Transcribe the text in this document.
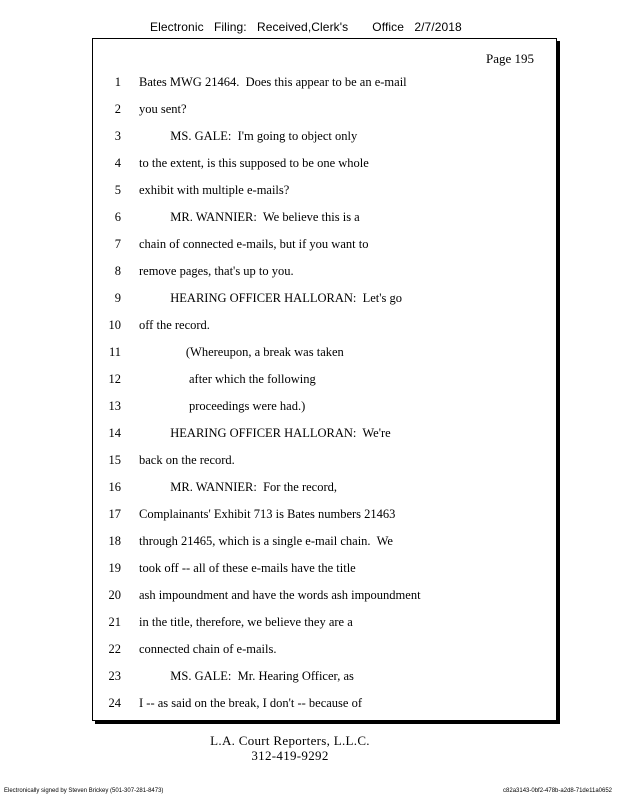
Electronic   Filing:   Received,Clerk's       Office   2/7/2018
Page 195
1 Bates MWG 21464.  Does this appear to be an e-mail
2 you sent?
3 MS. GALE:  I'm going to object only
4 to the extent, is this supposed to be one whole
5 exhibit with multiple e-mails?
6 MR. WANNIER:  We believe this is a
7 chain of connected e-mails, but if you want to
8 remove pages, that's up to you.
9 HEARING OFFICER HALLORAN:  Let's go
10 off the record.
11 (Whereupon, a break was taken
12 after which the following
13 proceedings were had.)
14 HEARING OFFICER HALLORAN:  We're
15 back on the record.
16 MR. WANNIER:  For the record,
17 Complainants' Exhibit 713 is Bates numbers 21463
18 through 21465, which is a single e-mail chain.  We
19 took off -- all of these e-mails have the title
20 ash impoundment and have the words ash impoundment
21 in the title, therefore, we believe they are a
22 connected chain of e-mails.
23 MS. GALE:  Mr. Hearing Officer, as
24 I -- as said on the break, I don't -- because of
L.A. Court Reporters, L.L.C.
312-419-9292
Electronically signed by Steven Brickey (501-307-281-8473)	c82a3143-0bf2-478b-a2d8-71de11a0652
